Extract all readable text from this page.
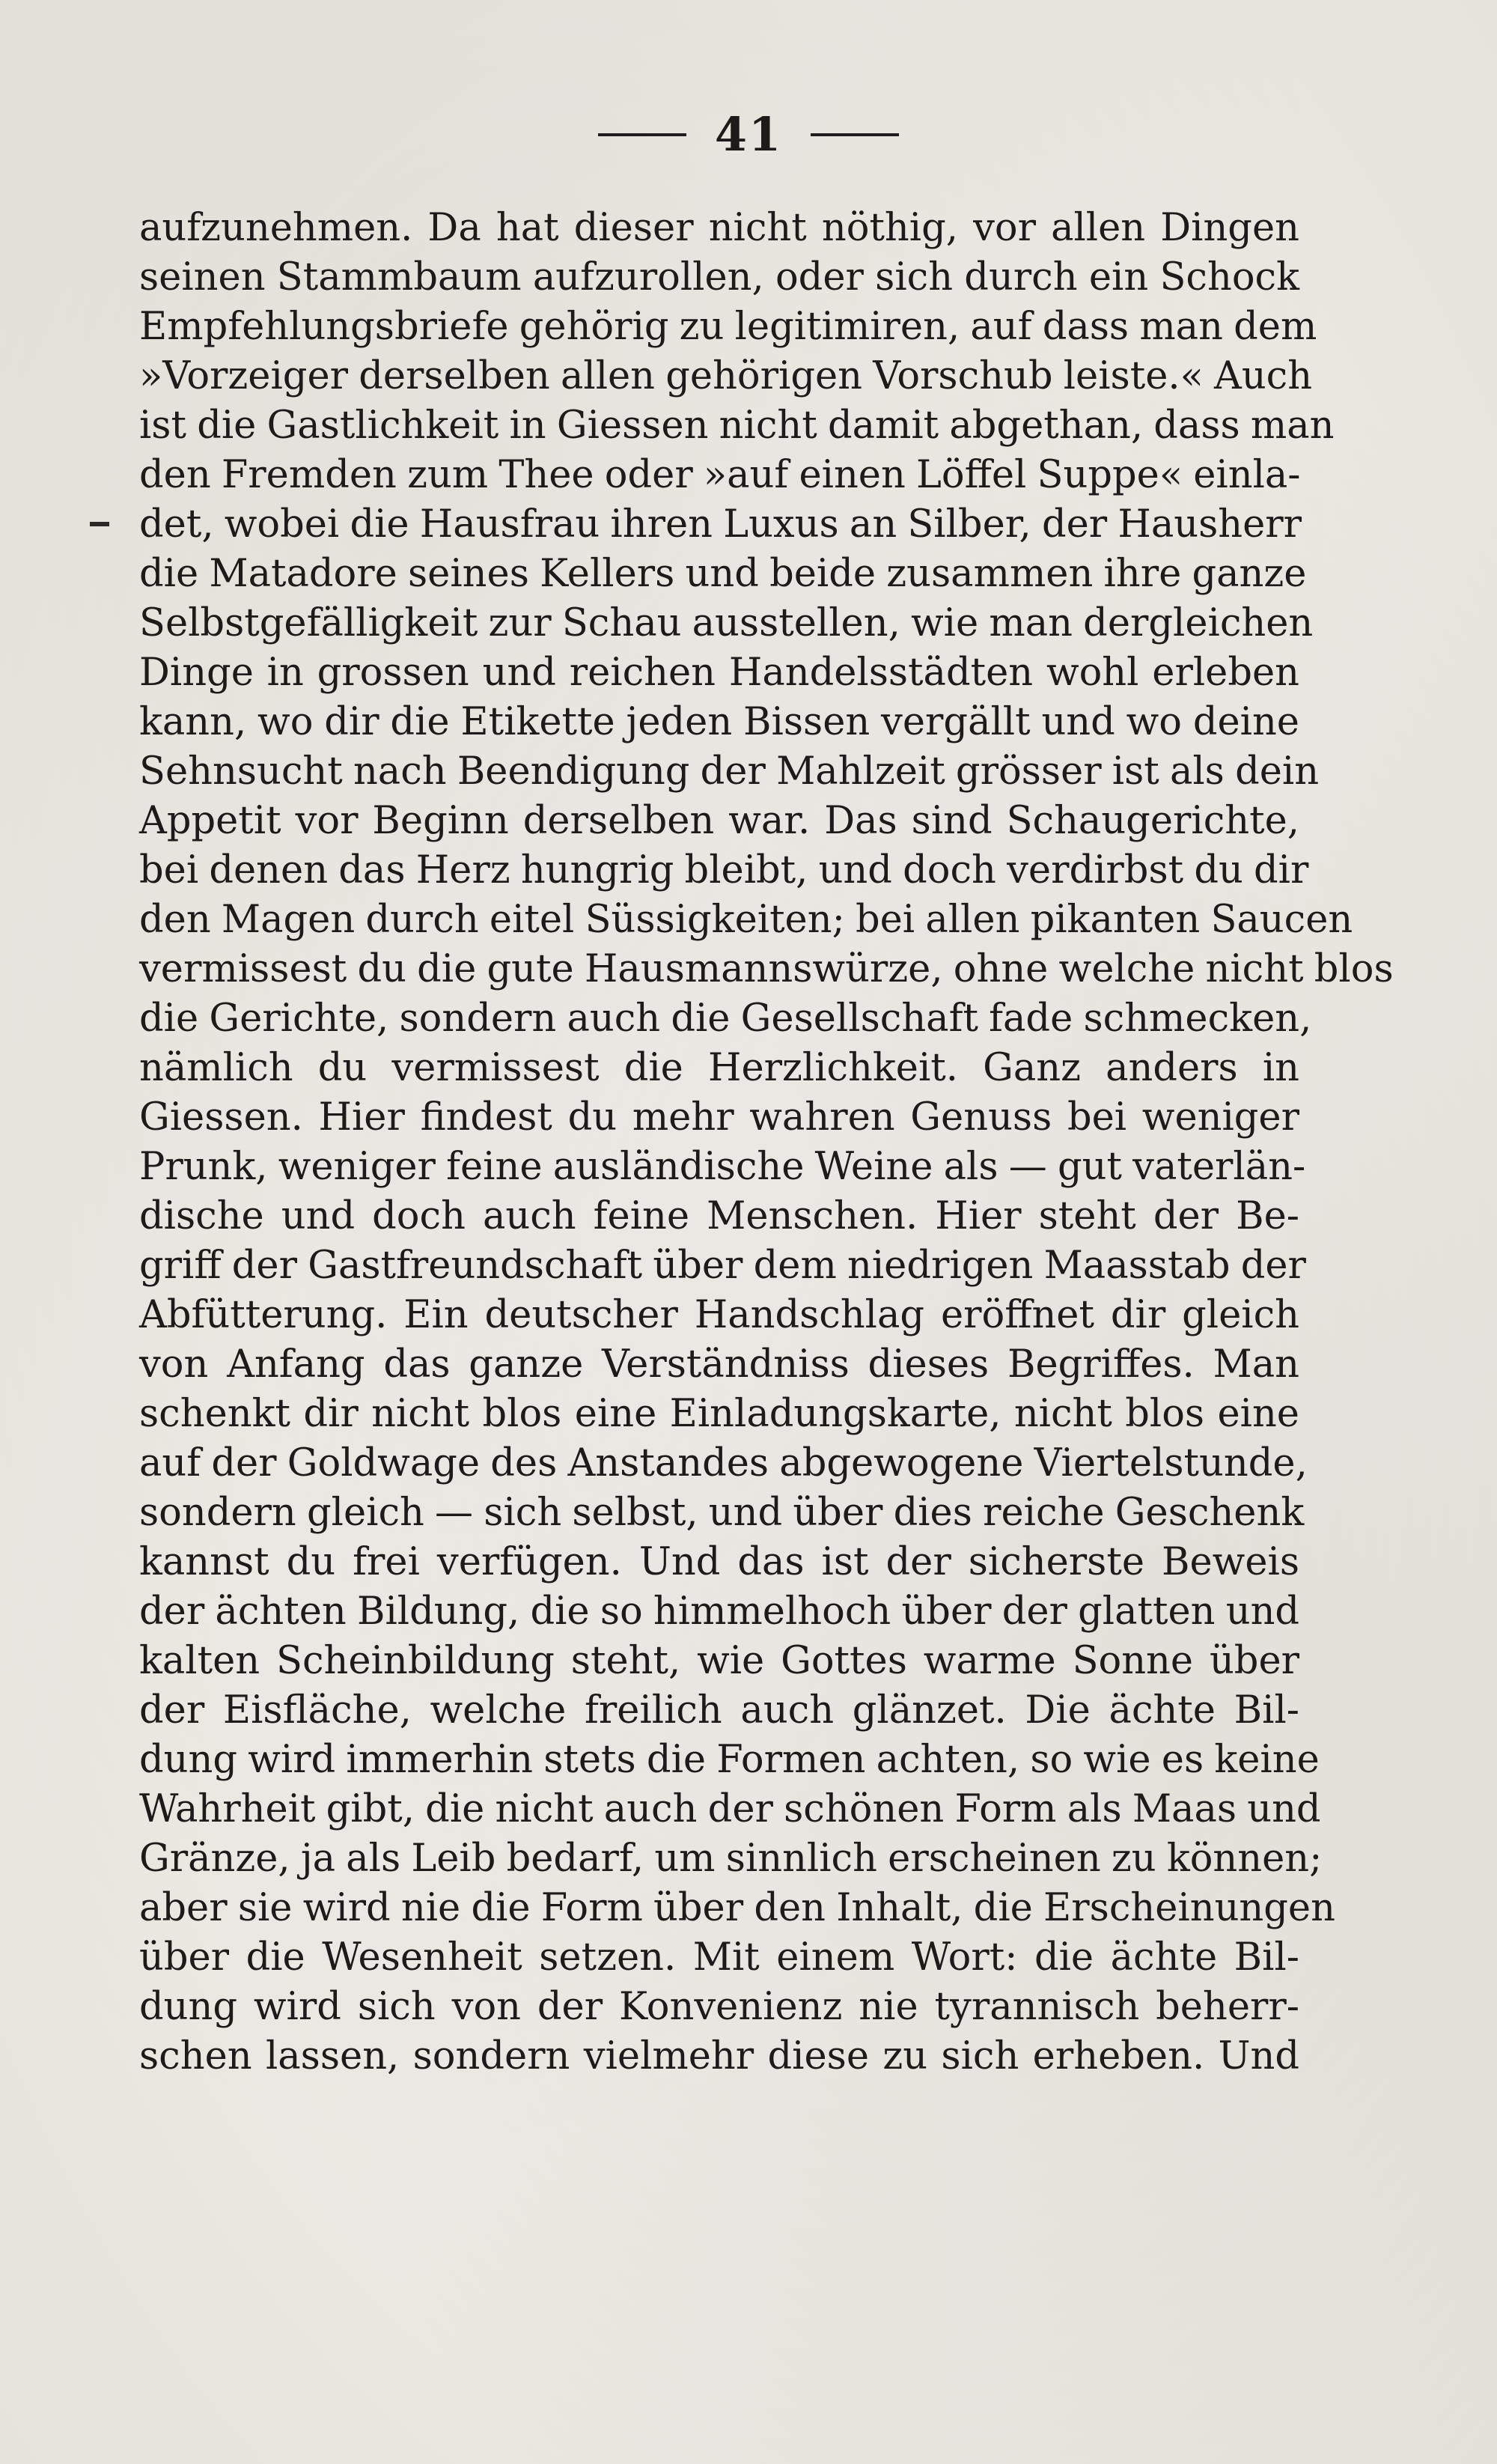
41
aufzunehmen. Da hat dieser nicht nöthig, vor allen Dingen
seinen Stammbaum aufzurollen, oder sich durch ein Schock
Empfehlungsbriefe gehörig zu legitimiren, auf dass man dem
»Vorzeiger derselben allen gehörigen Vorschub leiste.« Auch
ist die Gastlichkeit in Giessen nicht damit abgethan, dass man
den Fremden zum Thee oder »auf einen Löffel Suppe« einla-
det, wobei die Hausfrau ihren Luxus an Silber, der Hausherr
die Matadore seines Kellers und beide zusammen ihre ganze
Selbstgefälligkeit zur Schau ausstellen, wie man dergleichen
Dinge in grossen und reichen Handelsstädten wohl erleben
kann, wo dir die Etikette jeden Bissen vergällt und wo deine
Sehnsucht nach Beendigung der Mahlzeit grösser ist als dein
Appetit vor Beginn derselben war. Das sind Schaugerichte,
bei denen das Herz hungrig bleibt, und doch verdirbst du dir
den Magen durch eitel Süssigkeiten; bei allen pikanten Saucen
vermissest du die gute Hausmannswürze, ohne welche nicht blos
die Gerichte, sondern auch die Gesellschaft fade schmecken,
nämlich du vermissest die Herzlichkeit. Ganz anders in
Giessen. Hier findest du mehr wahren Genuss bei weniger
Prunk, weniger feine ausländische Weine als — gut vaterlän-
dische und doch auch feine Menschen. Hier steht der Be-
griff der Gastfreundschaft über dem niedrigen Maasstab der
Abfütterung. Ein deutscher Handschlag eröffnet dir gleich
von Anfang das ganze Verständniss dieses Begriffes. Man
schenkt dir nicht blos eine Einladungskarte, nicht blos eine
auf der Goldwage des Anstandes abgewogene Viertelstunde,
sondern gleich — sich selbst, und über dies reiche Geschenk
kannst du frei verfügen. Und das ist der sicherste Beweis
der ächten Bildung, die so himmelhoch über der glatten und
kalten Scheinbildung steht, wie Gottes warme Sonne über
der Eisfläche, welche freilich auch glänzet. Die ächte Bil-
dung wird immerhin stets die Formen achten, so wie es keine
Wahrheit gibt, die nicht auch der schönen Form als Maas und
Gränze, ja als Leib bedarf, um sinnlich erscheinen zu können;
aber sie wird nie die Form über den Inhalt, die Erscheinungen
über die Wesenheit setzen. Mit einem Wort: die ächte Bil-
dung wird sich von der Konvenienz nie tyrannisch beherr-
schen lassen, sondern vielmehr diese zu sich erheben. Und
